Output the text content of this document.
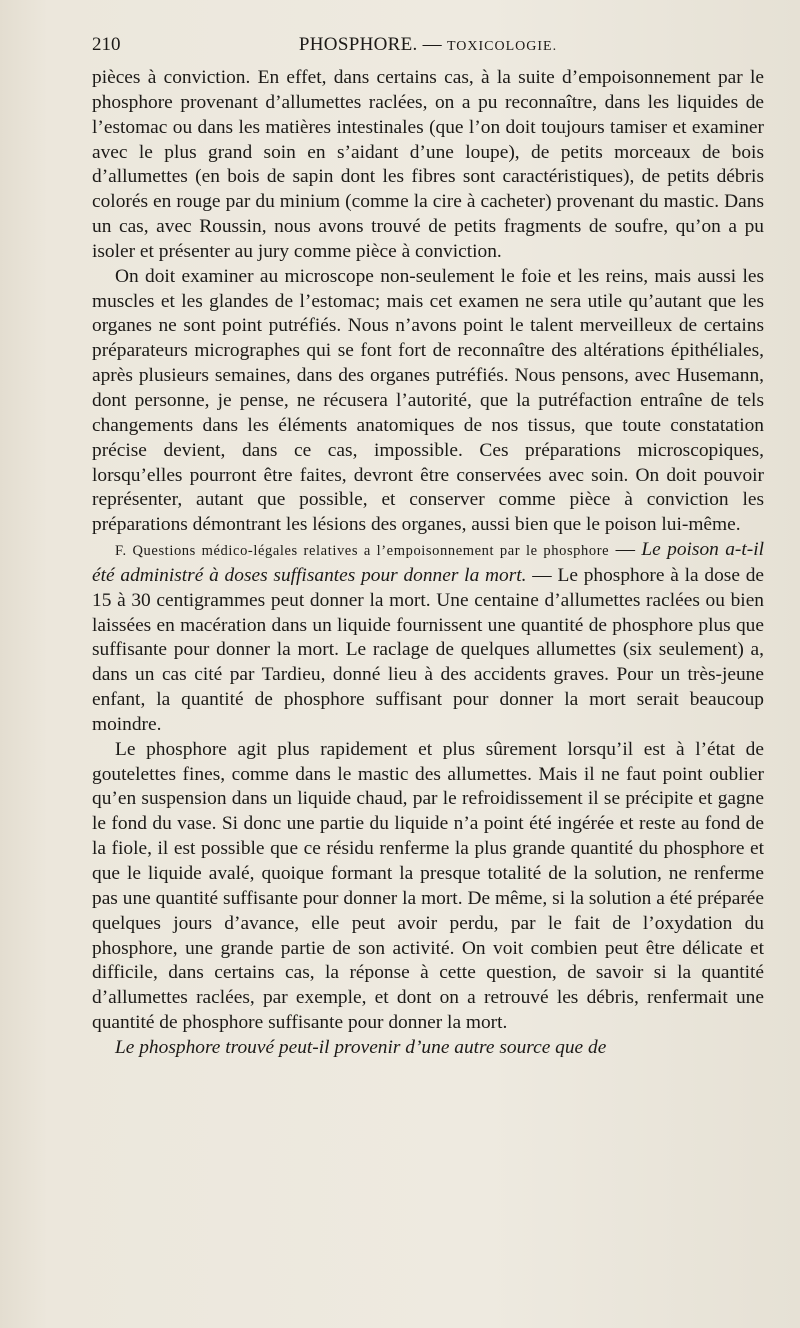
210	PHOSPHORE. — TOXICOLOGIE.

pièces à conviction. En effet, dans certains cas, à la suite d’empoisonnement par le phosphore provenant d’allumettes raclées, on a pu reconnaître, dans les liquides de l’estomac ou dans les matières intestinales (que l’on doit toujours tamiser et examiner avec le plus grand soin en s’aidant d’une loupe), de petits morceaux de bois d’allumettes (en bois de sapin dont les fibres sont caractéristiques), de petits débris colorés en rouge par du minium (comme la cire à cacheter) provenant du mastic. Dans un cas, avec Roussin, nous avons trouvé de petits fragments de soufre, qu’on a pu isoler et présenter au jury comme pièce à conviction.

On doit examiner au microscope non-seulement le foie et les reins, mais aussi les muscles et les glandes de l’estomac; mais cet examen ne sera utile qu’autant que les organes ne sont point putréfiés. Nous n’avons point le talent merveilleux de certains préparateurs micrographes qui se font fort de reconnaître des altérations épithéliales, après plusieurs semaines, dans des organes putréfiés. Nous pensons, avec Husemann, dont personne, je pense, ne récusera l’autorité, que la putréfaction entraîne de tels changements dans les éléments anatomiques de nos tissus, que toute constatation précise devient, dans ce cas, impossible. Ces préparations microscopiques, lorsqu’elles pourront être faites, devront être conservées avec soin. On doit pouvoir représenter, autant que possible, et conserver comme pièce à conviction les préparations démontrant les lésions des organes, aussi bien que le poison lui-même.

F. Questions médico-légales relatives a l’empoisonnement par le phosphore — Le poison a-t-il été administré à doses suffisantes pour donner la mort. — Le phosphore à la dose de 15 à 30 centigrammes peut donner la mort. Une centaine d’allumettes raclées ou bien laissées en macération dans un liquide fournissent une quantité de phosphore plus que suffisante pour donner la mort. Le raclage de quelques allumettes (six seulement) a, dans un cas cité par Tardieu, donné lieu à des accidents graves. Pour un très-jeune enfant, la quantité de phosphore suffisant pour donner la mort serait beaucoup moindre.

Le phosphore agit plus rapidement et plus sûrement lorsqu’il est à l’état de goutelettes fines, comme dans le mastic des allumettes. Mais il ne faut point oublier qu’en suspension dans un liquide chaud, par le refroidissement il se précipite et gagne le fond du vase. Si donc une partie du liquide n’a point été ingérée et reste au fond de la fiole, il est possible que ce résidu renferme la plus grande quantité du phosphore et que le liquide avalé, quoique formant la presque totalité de la solution, ne renferme pas une quantité suffisante pour donner la mort. De même, si la solution a été préparée quelques jours d’avance, elle peut avoir perdu, par le fait de l’oxydation du phosphore, une grande partie de son activité. On voit combien peut être délicate et difficile, dans certains cas, la réponse à cette question, de savoir si la quantité d’allumettes raclées, par exemple, et dont on a retrouvé les débris, renfermait une quantité de phosphore suffisante pour donner la mort.

Le phosphore trouvé peut-il provenir d’une autre source que de
